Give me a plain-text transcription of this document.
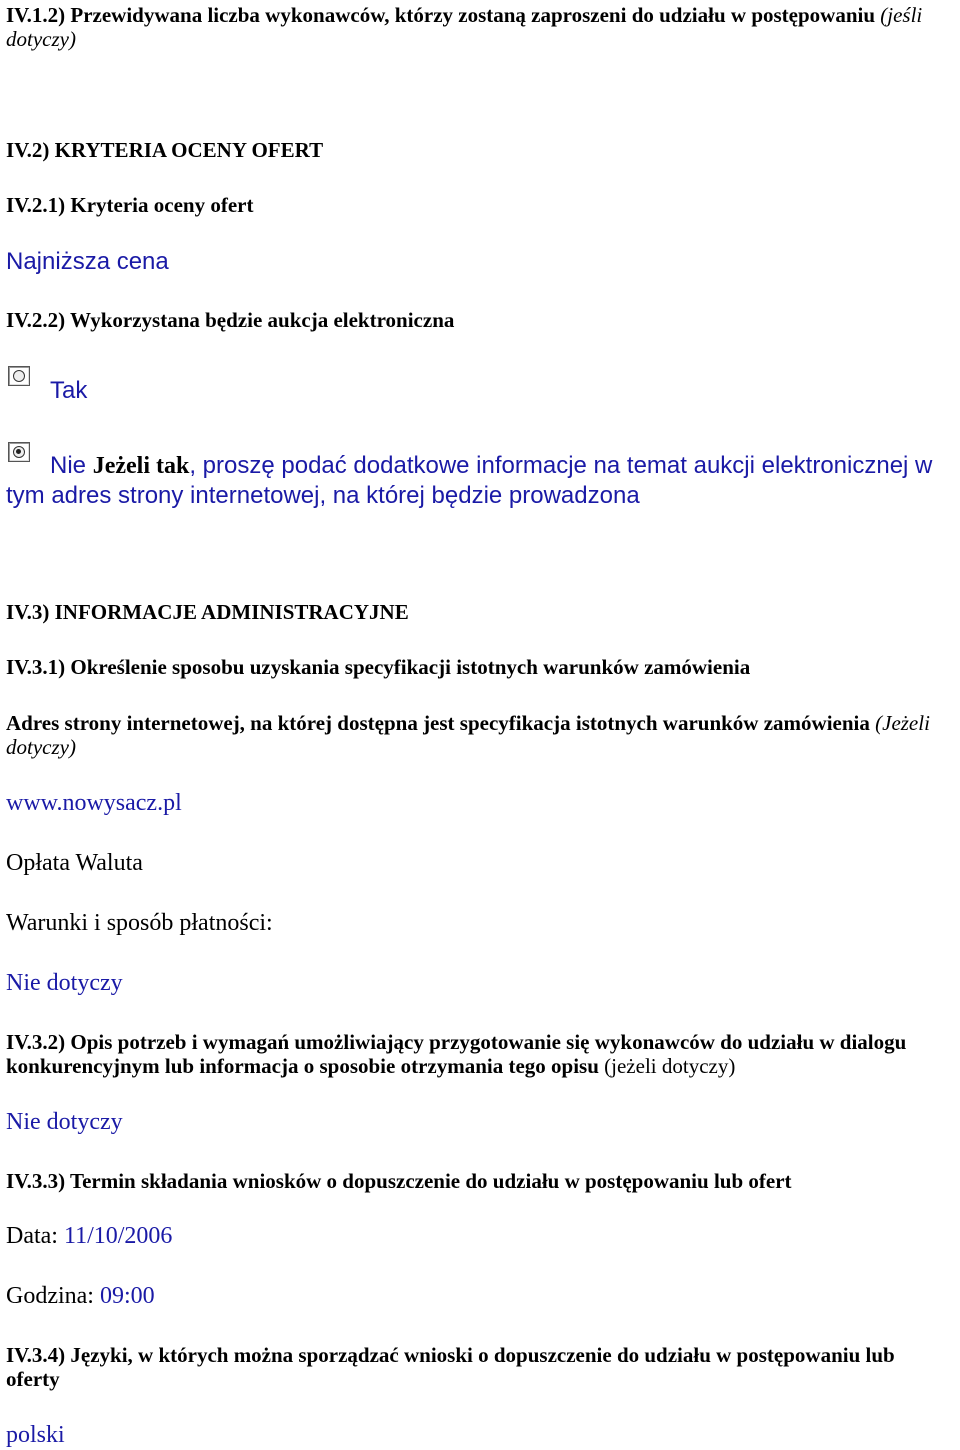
IV.1.2) Przewidywana liczba wykonawców, którzy zostaną zaproszeni do udziału w postępowaniu (jeśli
dotyczy)
IV.2) KRYTERIA OCENY OFERT
IV.2.1) Kryteria oceny ofert
Najniższa cena
IV.2.2) Wykorzystana będzie aukcja elektroniczna
Tak
Nie Jeżeli tak, proszę podać dodatkowe informacje na temat aukcji elektronicznej w
tym adres strony internetowej, na której będzie prowadzona
IV.3) INFORMACJE ADMINISTRACYJNE
IV.3.1) Określenie sposobu uzyskania specyfikacji istotnych warunków zamówienia
Adres strony internetowej, na której dostępna jest specyfikacja istotnych warunków zamówienia (Jeżeli
dotyczy)
www.nowysacz.pl
Opłata Waluta
Warunki i sposób płatności:
Nie dotyczy
IV.3.2) Opis potrzeb i wymagań umożliwiający przygotowanie się wykonawców do udziału w dialogu
konkurencyjnym lub informacja o sposobie otrzymania tego opisu (jeżeli dotyczy)
Nie dotyczy
IV.3.3) Termin składania wniosków o dopuszczenie do udziału w postępowaniu lub ofert
Data: 11/10/2006
Godzina: 09:00
IV.3.4) Języki, w których można sporządzać wnioski o dopuszczenie do udziału w postępowaniu lub
oferty
polski
